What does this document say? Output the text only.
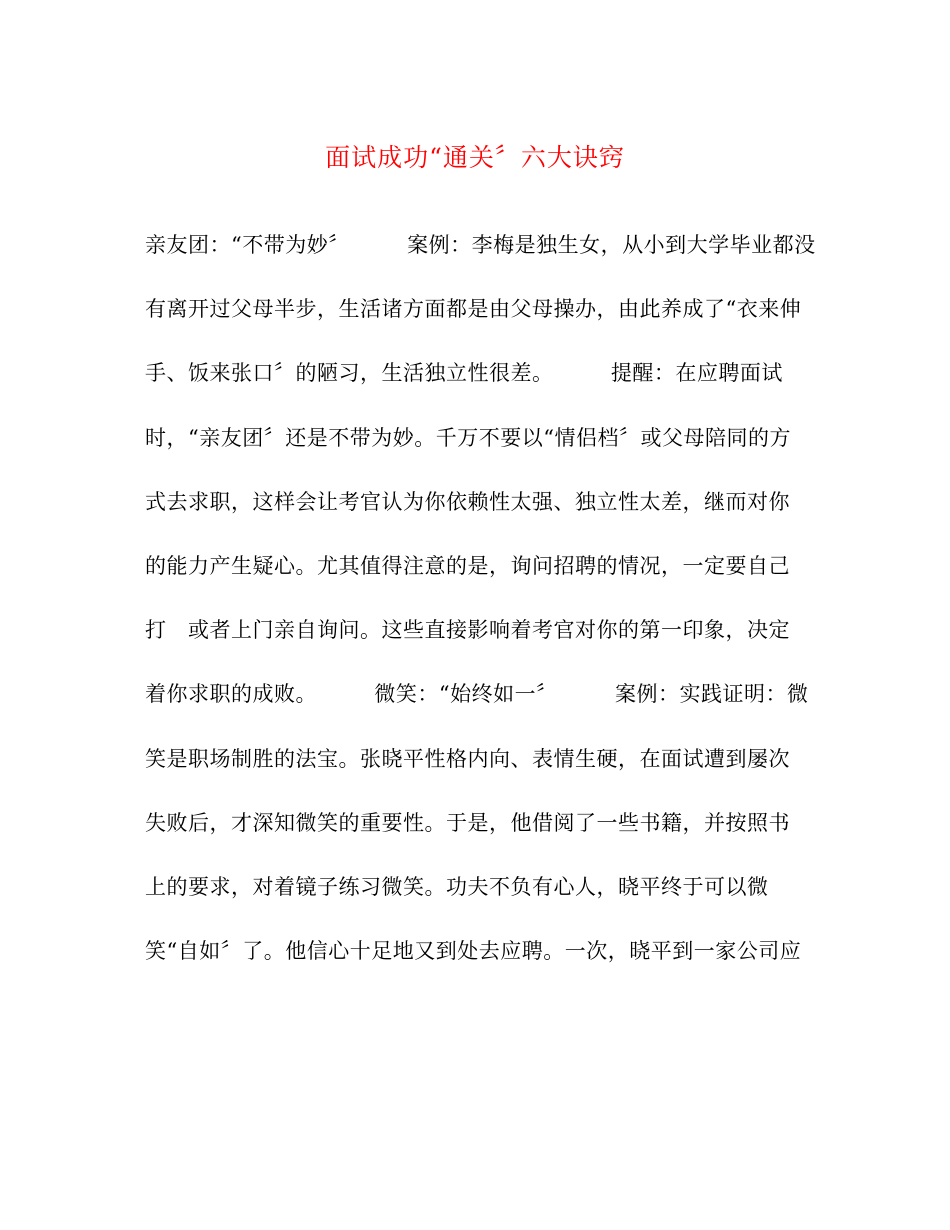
面试成功“通关〞六大诀窍
亲友团：“不带为妙〞        案例：李梅是独生女，从小到大学毕业都没
有离开过父母半步，生活诸方面都是由父母操办，由此养成了“衣来伸
手、饭来张口〞的陋习，生活独立性很差。        提醒：在应聘面试
时，“亲友团〞还是不带为妙。千万不要以“情侣档〞或父母陪同的方
式去求职，这样会让考官认为你依赖性太强、独立性太差，继而对你
的能力产生疑心。尤其值得注意的是，询问招聘的情况，一定要自己
打   或者上门亲自询问。这些直接影响着考官对你的第一印象，决定
着你求职的成败。        微笑：“始终如一〞        案例：实践证明：微
笑是职场制胜的法宝。张晓平性格内向、表情生硬，在面试遭到屡次
失败后，才深知微笑的重要性。于是，他借阅了一些书籍，并按照书
上的要求，对着镜子练习微笑。功夫不负有心人，晓平终于可以微
笑“自如〞了。他信心十足地又到处去应聘。一次，晓平到一家公司应
